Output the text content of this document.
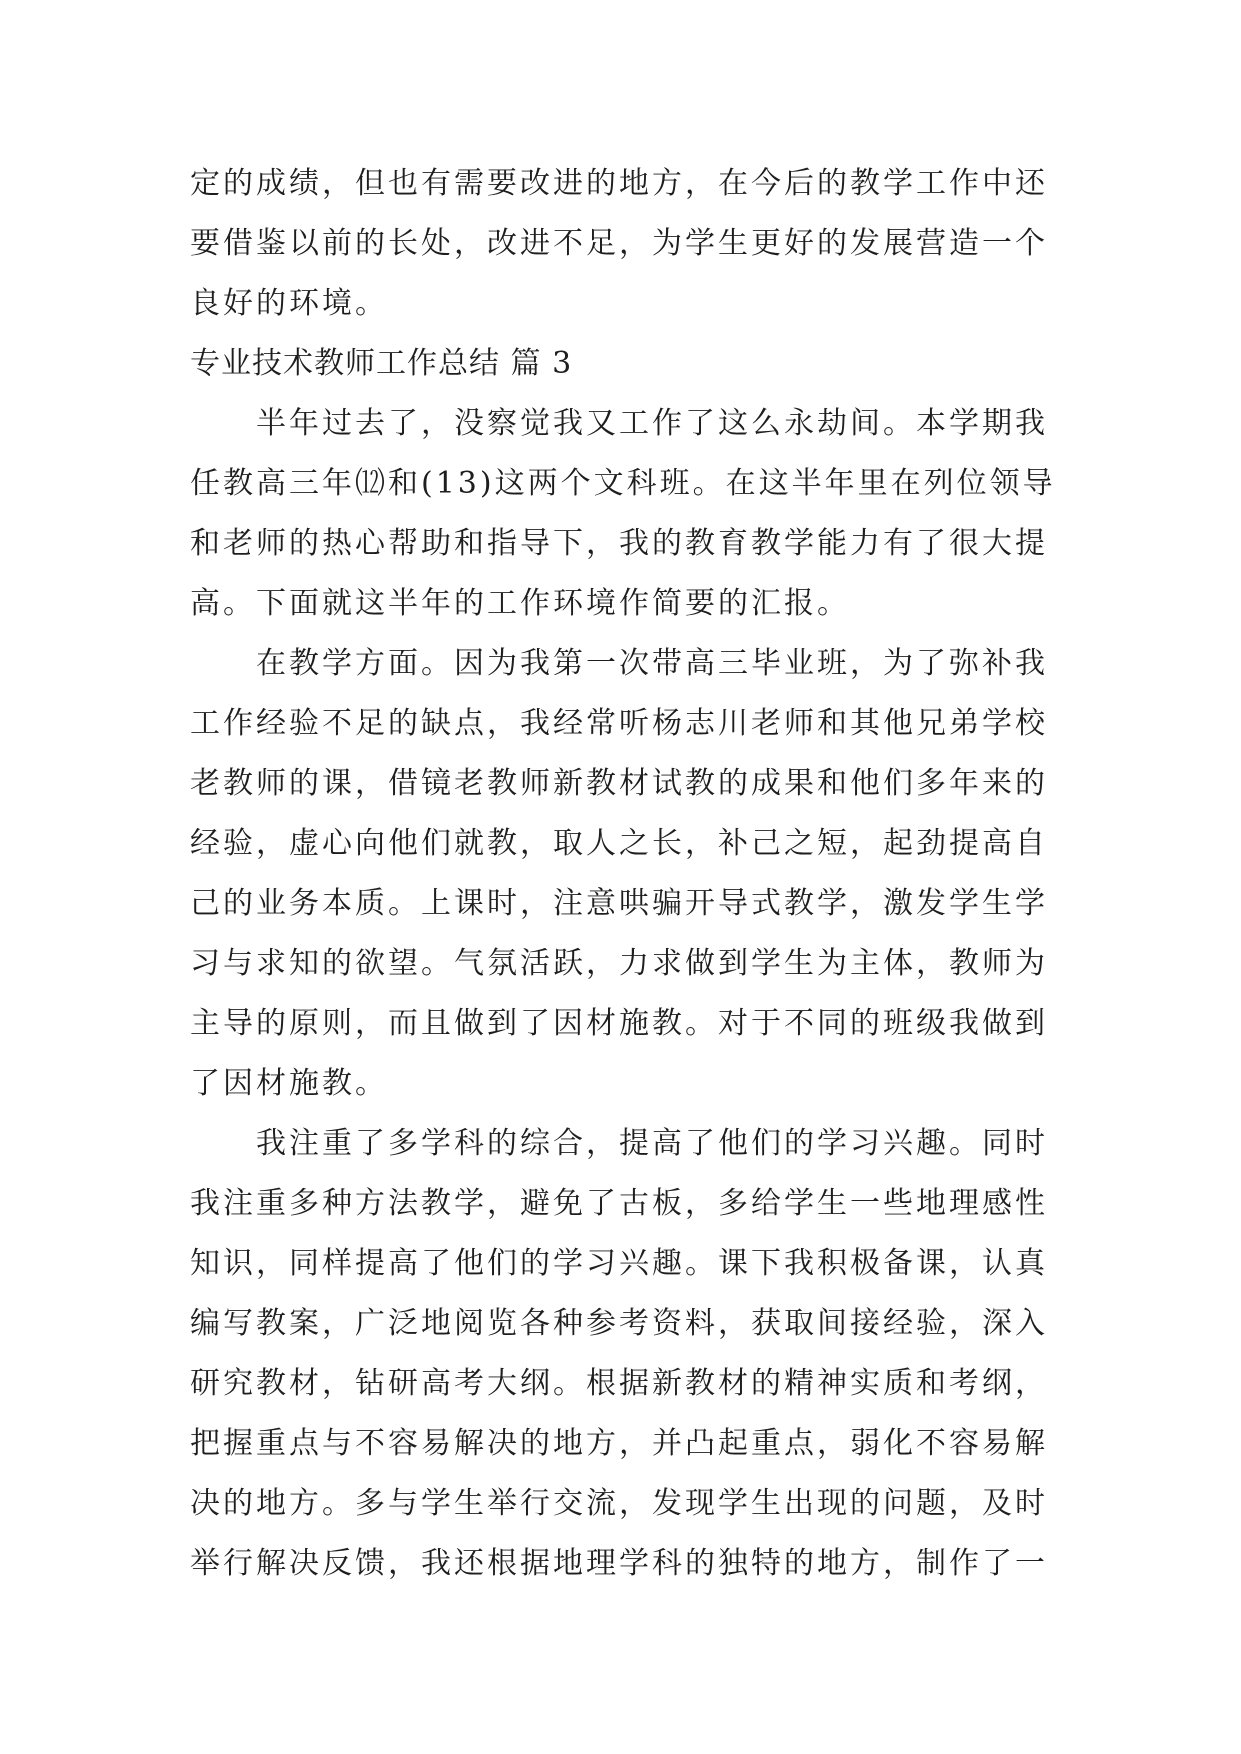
定的成绩，但也有需要改进的地方，在今后的教学工作中还
要借鉴以前的长处，改进不足，为学生更好的发展营造一个
良好的环境。
专业技术教师工作总结 篇 3
半年过去了，没察觉我又工作了这么永劫间。本学期我
任教高三年⑿和(13)这两个文科班。在这半年里在列位领导
和老师的热心帮助和指导下，我的教育教学能力有了很大提
高。下面就这半年的工作环境作简要的汇报。
在教学方面。因为我第一次带高三毕业班，为了弥补我
工作经验不足的缺点，我经常听杨志川老师和其他兄弟学校
老教师的课，借镜老教师新教材试教的成果和他们多年来的
经验，虚心向他们就教，取人之长，补己之短，起劲提高自
己的业务本质。上课时，注意哄骗开导式教学，激发学生学
习与求知的欲望。气氛活跃，力求做到学生为主体，教师为
主导的原则，而且做到了因材施教。对于不同的班级我做到
了因材施教。
我注重了多学科的综合，提高了他们的学习兴趣。同时
我注重多种方法教学，避免了古板，多给学生一些地理感性
知识，同样提高了他们的学习兴趣。课下我积极备课，认真
编写教案，广泛地阅览各种参考资料，获取间接经验，深入
研究教材，钻研高考大纲。根据新教材的精神实质和考纲，
把握重点与不容易解决的地方，并凸起重点，弱化不容易解
决的地方。多与学生举行交流，发现学生出现的问题，及时
举行解决反馈，我还根据地理学科的独特的地方，制作了一
